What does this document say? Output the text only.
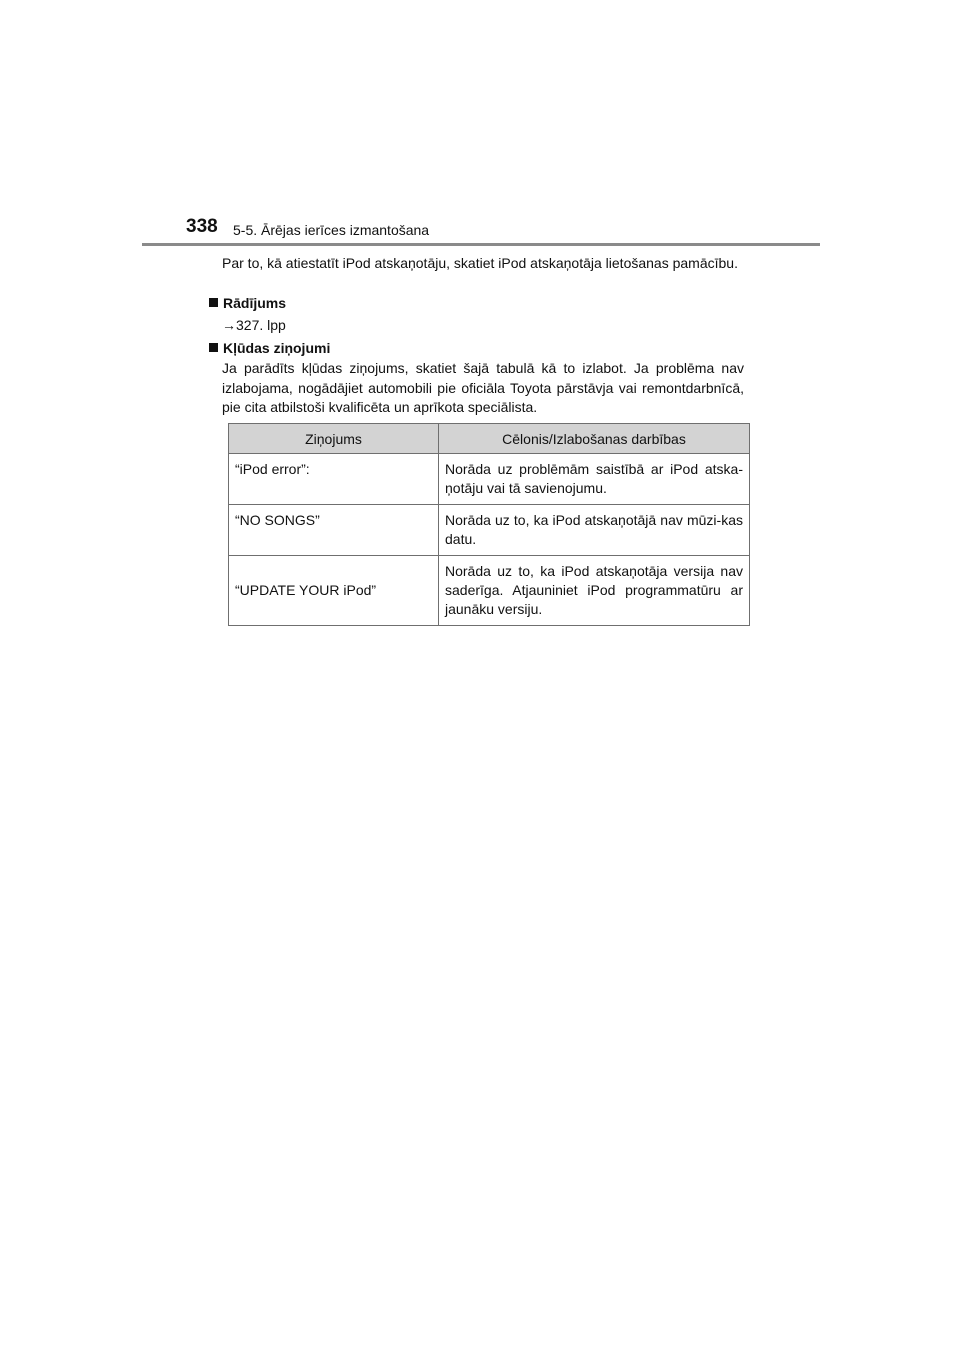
338 5-5. Ārējas ierīces izmantošana
Par to, kā atiestatīt iPod atskaņotāju, skatiet iPod atskaņotāja lietošanas pamācību.
Rādījums
→327. lpp
Kļūdas ziņojumi
Ja parādīts kļūdas ziņojums, skatiet šajā tabulā kā to izlabot. Ja problēma nav izlabojama, nogādājiet automobili pie oficiāla Toyota pārstāvja vai remontdarbnīcā, pie cita atbilstoši kvalificēta un aprīkota speciālista.
Ziņojums	Cēlonis/Izlabošanas darbības
“iPod error”:	Norāda uz problēmām saistībā ar iPod atska-ņotāju vai tā savienojumu.
“NO SONGS”	Norāda uz to, ka iPod atskaņotājā nav mūzi-kas datu.
“UPDATE YOUR iPod”	Norāda uz to, ka iPod atskaņotāja versija nav saderīga. Atjauniniet iPod programmatūru ar jaunāku versiju.
